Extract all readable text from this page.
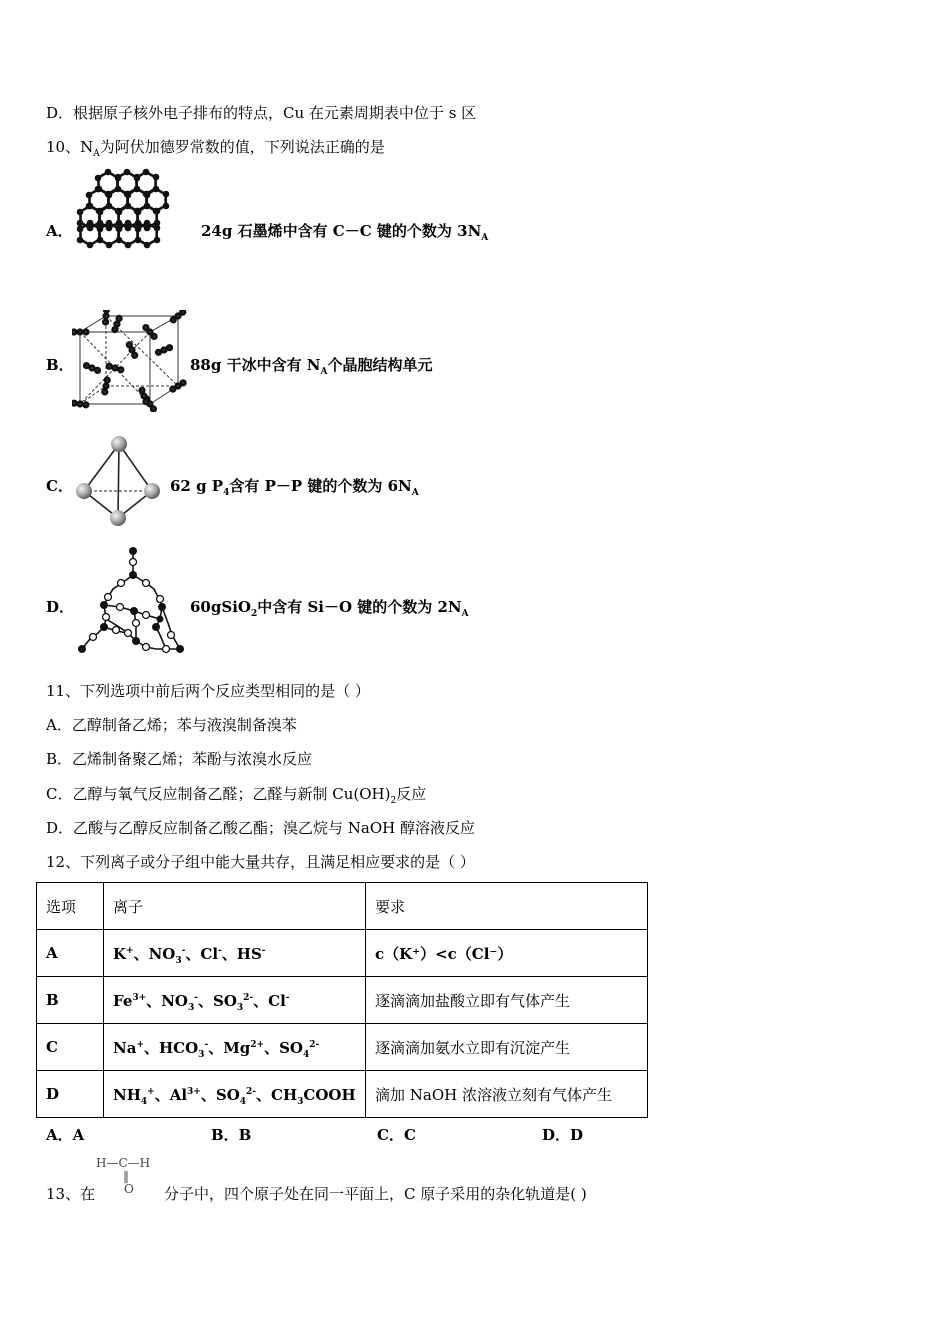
D．根据原子核外电子排布的特点，Cu 在元素周期表中位于 s 区
10、$N_A$为阿伏加德罗常数的值，下列说法正确的是
A．	24g 石墨烯中含有 C－C 键的个数为 $3N_A$
B．	88g 干冰中含有 $N_A$个晶胞结构单元
C．	62 g $P_4$含有 P－P 键的个数为 $6N_A$
D．	60gSiO$_2$中含有 Si－O 键的个数为 $2N_A$
11、下列选项中前后两个反应类型相同的是（ ）
A．乙醇制备乙烯；苯与液溴制备溴苯
B．乙烯制备聚乙烯；苯酚与浓溴水反应
C．乙醇与氧气反应制备乙醛；乙醛与新制 $Cu(OH)_2$反应
D．乙酸与乙醇反应制备乙酸乙酯；溴乙烷与 NaOH 醇溶液反应
12、下列离子或分子组中能大量共存，且满足相应要求的是（ ）
选项	离子	要求
A	K+、$NO_3^-$、Cl-、HS-	c（K⁺）<c（Cl⁻）
B	$Fe^{3+}$、$NO_3^-$、$SO_3^{2-}$、Cl-	逐滴滴加盐酸立即有气体产生
C	Na+、$HCO_3^-$、$Mg^{2+}$、$SO_4^{2-}$	逐滴滴加氨水立即有沉淀产生
D	$NH_4^+$、$Al^{3+}$、$SO_4^{2-}$、$CH_3COOH$	滴加 NaOH 浓溶液立刻有气体产生
A．A	B．B	C．C	D．D
13、在
H—C—H
‖
O	分子中，四个原子处在同一平面上，C 原子采用的杂化轨道是( )
